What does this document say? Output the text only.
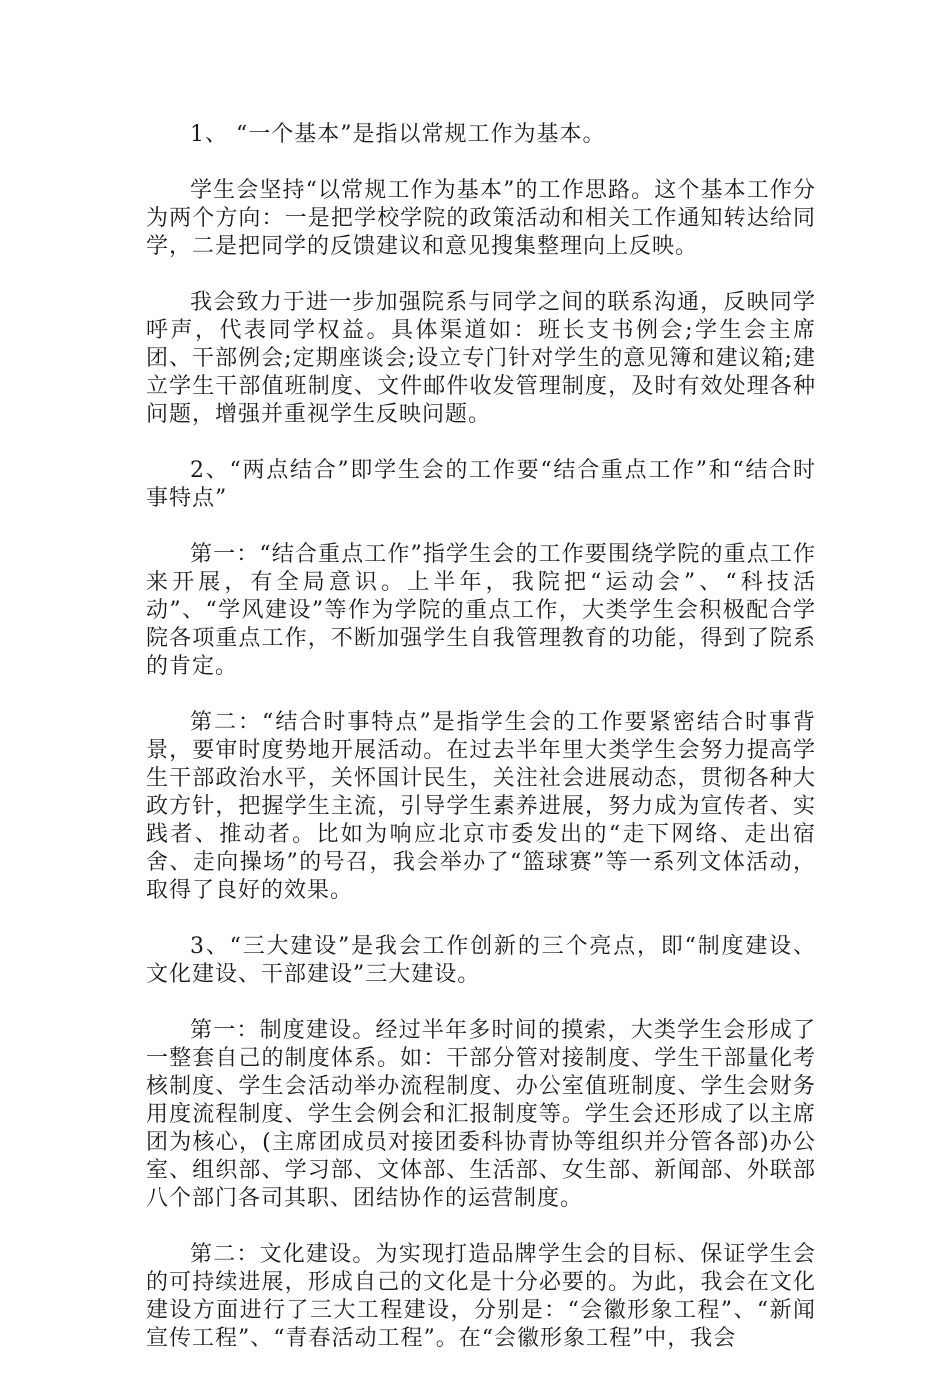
1、 “一个基本”是指以常规工作为基本。

学生会坚持“以常规工作为基本”的工作思路。这个基本工作分为两个方向：一是把学校学院的政策活动和相关工作通知转达给同学，二是把同学的反馈建议和意见搜集整理向上反映。

我会致力于进一步加强院系与同学之间的联系沟通，反映同学呼声，代表同学权益。具体渠道如：班长支书例会;学生会主席团、干部例会;定期座谈会;设立专门针对学生的意见簿和建议箱;建立学生干部值班制度、文件邮件收发管理制度，及时有效处理各种问题，增强并重视学生反映问题。

2、“两点结合”即学生会的工作要“结合重点工作”和“结合时事特点”

第一：“结合重点工作”指学生会的工作要围绕学院的重点工作来开展，有全局意识。上半年，我院把“运动会”、“科技活动”、“学风建设”等作为学院的重点工作，大类学生会积极配合学院各项重点工作，不断加强学生自我管理教育的功能，得到了院系的肯定。

第二：“结合时事特点”是指学生会的工作要紧密结合时事背景，要审时度势地开展活动。在过去半年里大类学生会努力提高学生干部政治水平，关怀国计民生，关注社会进展动态，贯彻各种大政方针，把握学生主流，引导学生素养进展，努力成为宣传者、实践者、推动者。比如为响应北京市委发出的“走下网络、走出宿舍、走向操场”的号召，我会举办了“篮球赛”等一系列文体活动，取得了良好的效果。

3、“三大建设”是我会工作创新的三个亮点，即“制度建设、文化建设、干部建设”三大建设。

第一：制度建设。经过半年多时间的摸索，大类学生会形成了一整套自己的制度体系。如：干部分管对接制度、学生干部量化考核制度、学生会活动举办流程制度、办公室值班制度、学生会财务用度流程制度、学生会例会和汇报制度等。学生会还形成了以主席团为核心，(主席团成员对接团委科协青协等组织并分管各部)办公室、组织部、学习部、文体部、生活部、女生部、新闻部、外联部八个部门各司其职、团结协作的运营制度。

第二：文化建设。为实现打造品牌学生会的目标、保证学生会的可持续进展，形成自己的文化是十分必要的。为此，我会在文化建设方面进行了三大工程建设，分别是：“会徽形象工程”、“新闻宣传工程”、“青春活动工程”。在“会徽形象工程”中，我会
